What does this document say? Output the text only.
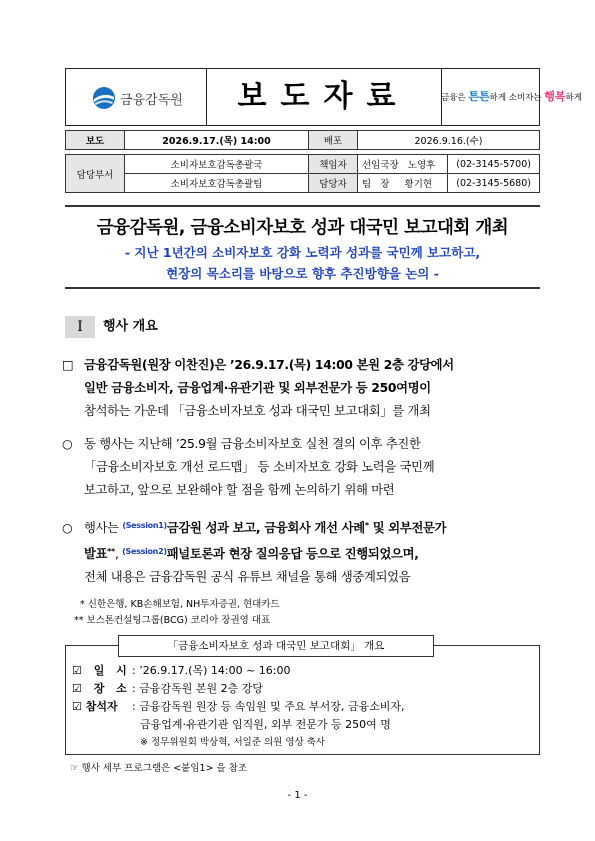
금융감독원	보도자료	금융은 튼튼하게 소비자는 행복하게
보도	2026.9.17.(목) 14:00	배포	2026.9.16.(수)
담당부서	소비자보호감독총괄국	책임자	선임국장   노영후	(02-3145-5700)
	소비자보호감독총괄팀	담당자	팀   장     황기현	(02-3145-5680)
금융감독원, 금융소비자보호 성과 대국민 보고대회 개최
- 지난 1년간의 소비자보호 강화 노력과 성과를 국민께 보고하고,
현장의 목소리를 바탕으로 향후 추진방향을 논의 -
Ⅰ	행사 개요
□ 금융감독원(원장 이찬진)은 ’26.9.17.(목) 14:00 본원 2층 강당에서
일반 금융소비자, 금융업계·유관기관 및 외부전문가 등 250여명이
참석하는 가운데 「금융소비자보호 성과 대국민 보고대회」를 개최
○ 동 행사는 지난해 ’25.9월 금융소비자보호 실천 결의 이후 추진한
「금융소비자보호 개선 로드맵」 등 소비자보호 강화 노력을 국민께
보고하고, 앞으로 보완해야 할 점을 함께 논의하기 위해 마련
○ 행사는 $^{(Session1)}$금감원 성과 보고, 금융회사 개선 사례* 및 외부전문가
발표**, $^{(Session2)}$패널토론과 현장 질의응답 등으로 진행되었으며,
전체 내용은 금융감독원 공식 유튜브 채널을 통해 생중계되었음
* 신한은행, KB손해보험, NH투자증권, 현대카드
** 보스톤컨설팅그룹(BCG) 코리아 장권영 대표
「금융소비자보호 성과 대국민 보고대회」 개요
☑ 일 시: ’26.9.17.(목) 14:00 ~ 16:00
☑ 장 소: 금융감독원 본원 2층 강당
☑ 참석자 : 금융감독원 원장 등 속임원 및 주요 부서장, 금융소비자,
금융업계·유관기관 임직원, 외부 전문가 등 250여 명
※ 정무위원회 박상혁, 서일준 의원 영상 축사
☞ 행사 세부 프로그램은 <붙임1> 을 참조
- 1 -
